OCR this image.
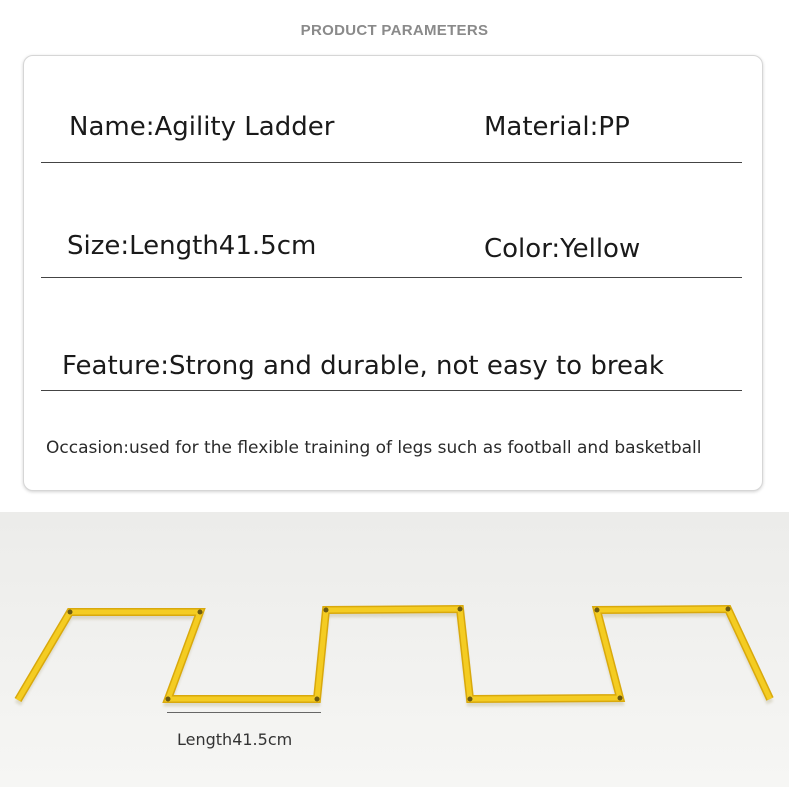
PRODUCT PARAMETERS
Name:Agility Ladder	Material:PP
Size:Length41.5cm	Color:Yellow
Feature:Strong and durable, not easy to break
Occasion:used for the flexible training of legs such as football and basketball
Length41.5cm
